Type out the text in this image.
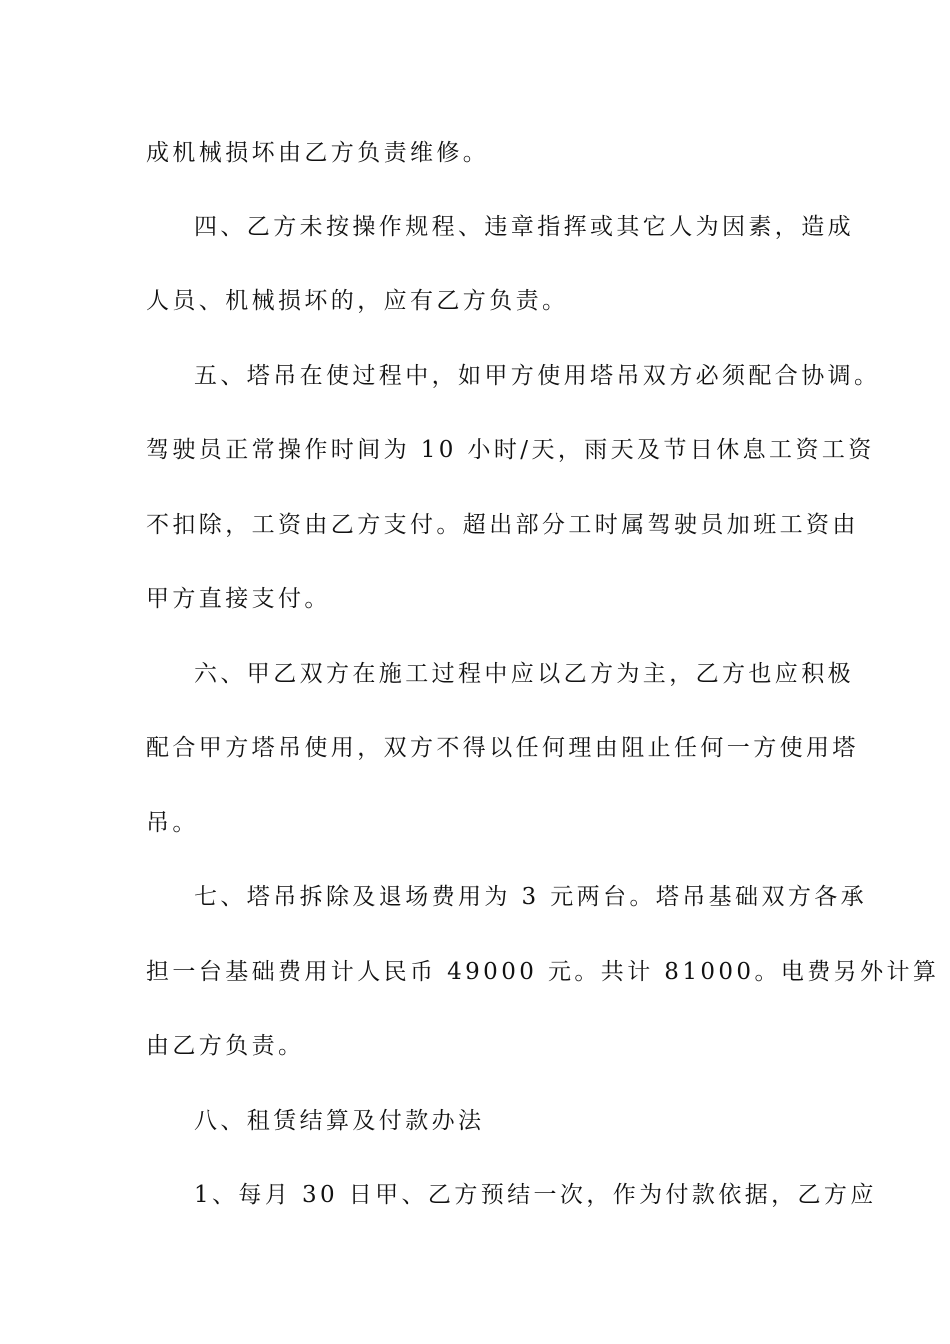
成机械损坏由乙方负责维修。
四、乙方未按操作规程、违章指挥或其它人为因素，造成
人员、机械损坏的，应有乙方负责。
五、塔吊在使过程中，如甲方使用塔吊双方必须配合协调。
驾驶员正常操作时间为 10 小时/天，雨天及节日休息工资工资
不扣除，工资由乙方支付。超出部分工时属驾驶员加班工资由
甲方直接支付。
六、甲乙双方在施工过程中应以乙方为主，乙方也应积极
配合甲方塔吊使用，双方不得以任何理由阻止任何一方使用塔
吊。
七、塔吊拆除及退场费用为 3 元两台。塔吊基础双方各承
担一台基础费用计人民币 49000 元。共计 81000。电费另外计算
由乙方负责。
八、租赁结算及付款办法
1、每月 30 日甲、乙方预结一次，作为付款依据，乙方应
